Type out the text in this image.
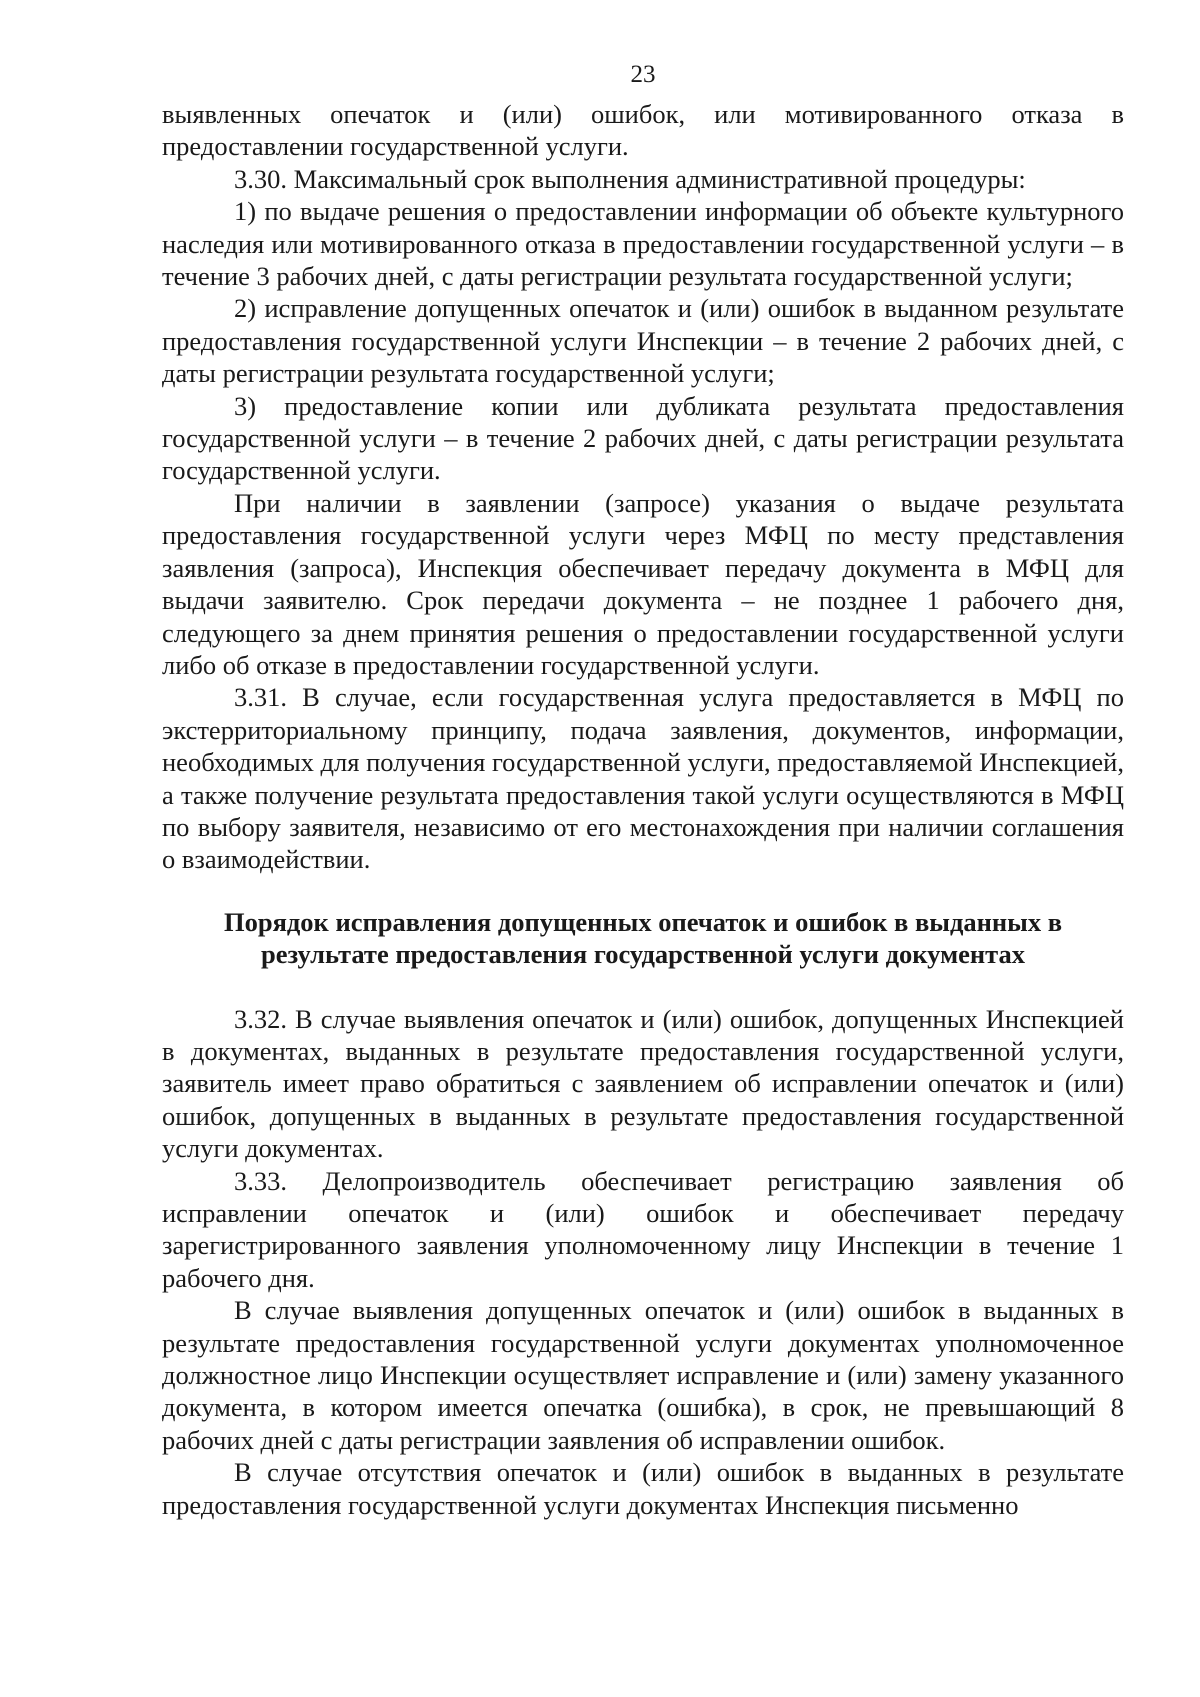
23

выявленных опечаток и (или) ошибок, или мотивированного отказа в предоставлении государственной услуги.

3.30. Максимальный срок выполнения административной процедуры:

1) по выдаче решения о предоставлении информации об объекте культурного наследия или мотивированного отказа в предоставлении государственной услуги – в течение 3 рабочих дней, с даты регистрации результата государственной услуги;

2) исправление допущенных опечаток и (или) ошибок в выданном результате предоставления государственной услуги Инспекции – в течение 2 рабочих дней, с даты регистрации результата государственной услуги;

3) предоставление копии или дубликата результата предоставления государственной услуги – в течение 2 рабочих дней, с даты регистрации результата государственной услуги.

При наличии в заявлении (запросе) указания о выдаче результата предоставления государственной услуги через МФЦ по месту представления заявления (запроса), Инспекция обеспечивает передачу документа в МФЦ для выдачи заявителю. Срок передачи документа – не позднее 1 рабочего дня, следующего за днем принятия решения о предоставлении государственной услуги либо об отказе в предоставлении государственной услуги.

3.31. В случае, если государственная услуга предоставляется в МФЦ по экстерриториальному принципу, подача заявления, документов, информации, необходимых для получения государственной услуги, предоставляемой Инспекцией, а также получение результата предоставления такой услуги осуществляются в МФЦ по выбору заявителя, независимо от его местонахождения при наличии соглашения о взаимодействии.

Порядок исправления допущенных опечаток и ошибок в выданных в
результате предоставления государственной услуги документах

3.32. В случае выявления опечаток и (или) ошибок, допущенных Инспекцией в документах, выданных в результате предоставления государственной услуги, заявитель имеет право обратиться с заявлением об исправлении опечаток и (или) ошибок, допущенных в выданных в результате предоставления государственной услуги документах.

3.33. Делопроизводитель обеспечивает регистрацию заявления об исправлении опечаток и (или) ошибок и обеспечивает передачу зарегистрированного заявления уполномоченному лицу Инспекции в течение 1 рабочего дня.

В случае выявления допущенных опечаток и (или) ошибок в выданных в результате предоставления государственной услуги документах уполномоченное должностное лицо Инспекции осуществляет исправление и (или) замену указанного документа, в котором имеется опечатка (ошибка), в срок, не превышающий 8 рабочих дней с даты регистрации заявления об исправлении ошибок.

В случае отсутствия опечаток и (или) ошибок в выданных в результате предоставления государственной услуги документах Инспекция письменно
